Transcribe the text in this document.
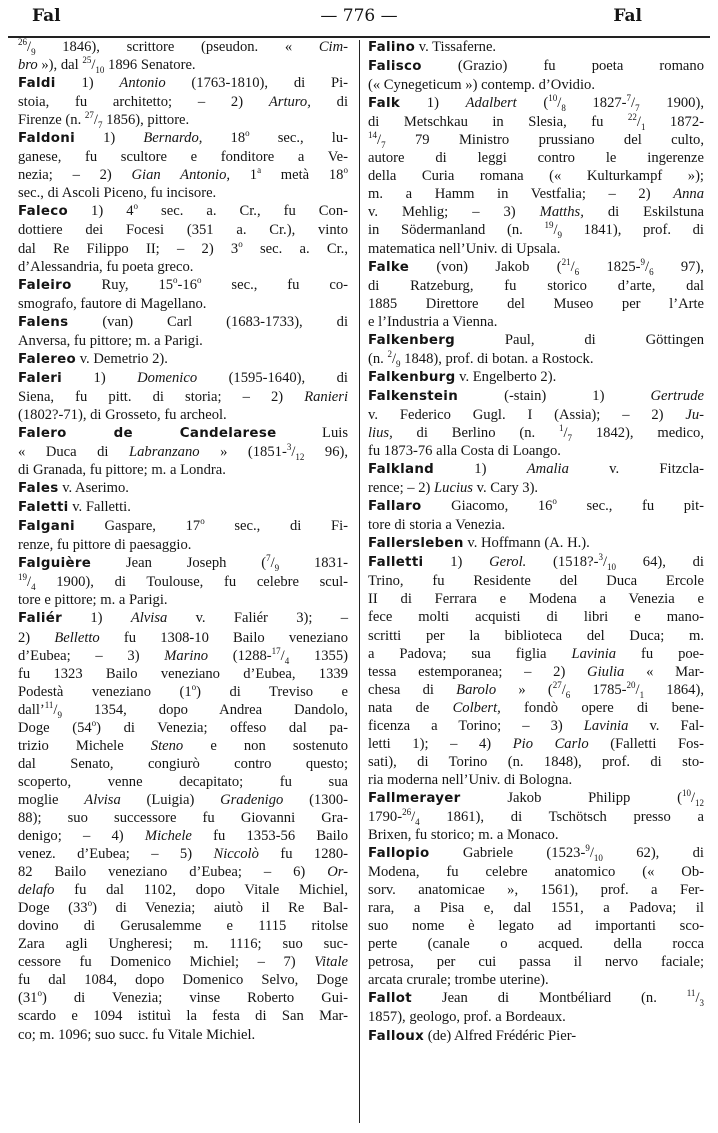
Fal	— 776 —	Fal
$^{26}/_9$ 1846), scrittore (pseudon. « Cim-
bro »), dal $^{25}/_{10}$ 1896 Senatore.
Faldi 1) Antonio (1763-1810), di Pi-
stoia, fu architetto; – 2) Arturo, di
Firenze (n. $^{27}/_7$ 1856), pittore.
Faldoni 1) Bernardo, 18$^o$ sec., lu-
ganese, fu scultore e fonditore a Ve-
nezia; – 2) Gian Antonio, 1$^a$ metà 18$^o$
sec., di Ascoli Piceno, fu incisore.
Faleco 1) 4$^o$ sec. a. Cr., fu Con-
dottiere dei Focesi (351 a. Cr.), vinto
dal Re Filippo II; – 2) 3$^o$ sec. a. Cr.,
d’Alessandria, fu poeta greco.
Faleiro Ruy, 15$^o$-16$^o$ sec., fu co-
smografo, fautore di Magellano.
Falens (van) Carl (1683-1733), di
Anversa, fu pittore; m. a Parigi.
Falereo v. Demetrio 2).
Faleri 1) Domenico (1595-1640), di
Siena, fu pitt. di storia; – 2) Ranieri
(1802?-71), di Grosseto, fu archeol.
Falero de Candelarese Luis
« Duca di Labranzano » ($1851-^3/_{12}$ 96),
di Granada, fu pittore; m. a Londra.
Fales v. Aserimo.
Faletti v. Falletti.
Falgani Gaspare, 17$^o$ sec., di Fi-
renze, fu pittore di paesaggio.
Falguière Jean Joseph ($^7/_9$ 1831-
$^{19}/_4$ 1900), di Toulouse, fu celebre scul-
tore e pittore; m. a Parigi.
Faliér 1) Alvisa v. Faliér 3); –
2) Belletto fu 1308-10 Bailo veneziano
d’Eubea; – 3) Marino ($1288-^{17}/_4$ 1355)
fu 1323 Bailo veneziano d’Eubea, 1339
Podestà veneziano (1$^o$) di Treviso e
$dall’^{11}/_9$ 1354, dopo Andrea Dandolo,
Doge (54$^o$) di Venezia; offeso dal pa-
trizio Michele Steno e non sostenuto
dal Senato, congiurò contro questo;
scoperto, venne decapitato; fu sua
moglie Alvisa (Luigia) Gradenigo (1300-
88); suo successore fu Giovanni Gra-
denigo; – 4) Michele fu 1353-56 Bailo
venez. d’Eubea; – 5) Niccolò fu 1280-
82 Bailo veneziano d’Eubea; – 6) Or-
delafo fu dal 1102, dopo Vitale Michiel,
Doge (33$^o$) di Venezia; aiutò il Re Bal-
dovino di Gerusalemme e 1115 ritolse
Zara agli Ungheresi; m. 1116; suo suc-
cessore fu Domenico Michiel; – 7) Vitale
fu dal 1084, dopo Domenico Selvo, Doge
(31$^o$) di Venezia; vinse Roberto Gui-
scardo e 1094 istituì la festa di San Mar-
co; m. 1096; suo succ. fu Vitale Michiel.
Falino v. Tissaferne.
Falisco (Grazio) fu poeta romano
(« Cynegeticum ») contemp. d’Ovidio.
Falk 1) Adalbert ($^{10}/_8$ $1827-^7/_7$ 1900),
di Metschkau in Slesia, fu $^{22}/_1$ 1872-
$^{14}/_7$ 79 Ministro prussiano del culto,
autore di leggi contro le ingerenze
della Curia romana (« Kulturkampf »);
m. a Hamm in Vestfalia; – 2) Anna
v. Mehlig; – 3) Matths, di Eskilstuna
in Södermanland (n. $^{19}/_9$ 1841), prof. di
matematica nell’Univ. di Upsala.
Falke (von) Jakob ($^{21}/_6$ $1825-^9/_6$ 97),
di Ratzeburg, fu storico d’arte, dal
1885 Direttore del Museo per l’Arte
e l’Industria a Vienna.
Falkenberg Paul, di Göttingen
(n. $^2/_9$ 1848), prof. di botan. a Rostock.
Falkenburg v. Engelberto 2).
Falkenstein (-stain) 1) Gertrude
v. Federico Gugl. I (Assia); – 2) Ju-
lius, di Berlino (n. $^1/_7$ 1842), medico,
fu 1873-76 alla Costa di Loango.
Falkland 1) Amalia v. Fitzcla-
rence; – 2) Lucius v. Cary 3).
Fallaro Giacomo, 16$^o$ sec., fu pit-
tore di storia a Venezia.
Fallersleben v. Hoffmann (A. H.).
Falletti 1) Gerol. ($1518?-^3/_{10}$ 64), di
Trino, fu Residente del Duca Ercole
II di Ferrara e Modena a Venezia e
fece molti acquisti di libri e mano-
scritti per la biblioteca del Duca; m.
a Padova; sua figlia Lavinia fu poe-
tessa estemporanea; – 2) Giulia « Mar-
chesa di Barolo » ($^{27}/_6$ $1785-^{20}/_1$ 1864),
nata de Colbert, fondò opere di bene-
ficenza a Torino; – 3) Lavinia v. Fal-
letti 1); – 4) Pio Carlo (Falletti Fos-
sati), di Torino (n. 1848), prof. di sto-
ria moderna nell’Univ. di Bologna.
Fallmerayer Jakob Philipp ($^{10}/_{12}$
$1790-^{26}/_4$ 1861), di Tschötsch presso a
Brixen, fu storico; m. a Monaco.
Fallopio Gabriele ($1523-^9/_{10}$ 62), di
Modena, fu celebre anatomico (« Ob-
sorv. anatomicae », 1561), prof. a Fer-
rara, a Pisa e, dal 1551, a Padova; il
suo nome è legato ad importanti sco-
perte (canale o acqued. della rocca
petrosa, per cui passa il nervo faciale;
arcata crurale; trombe uterine).
Fallot Jean di Montbéliard (n. $^{11}/_3$
1857), geologo, prof. a Bordeaux.
Falloux (de) Alfred Frédéric Pier-
